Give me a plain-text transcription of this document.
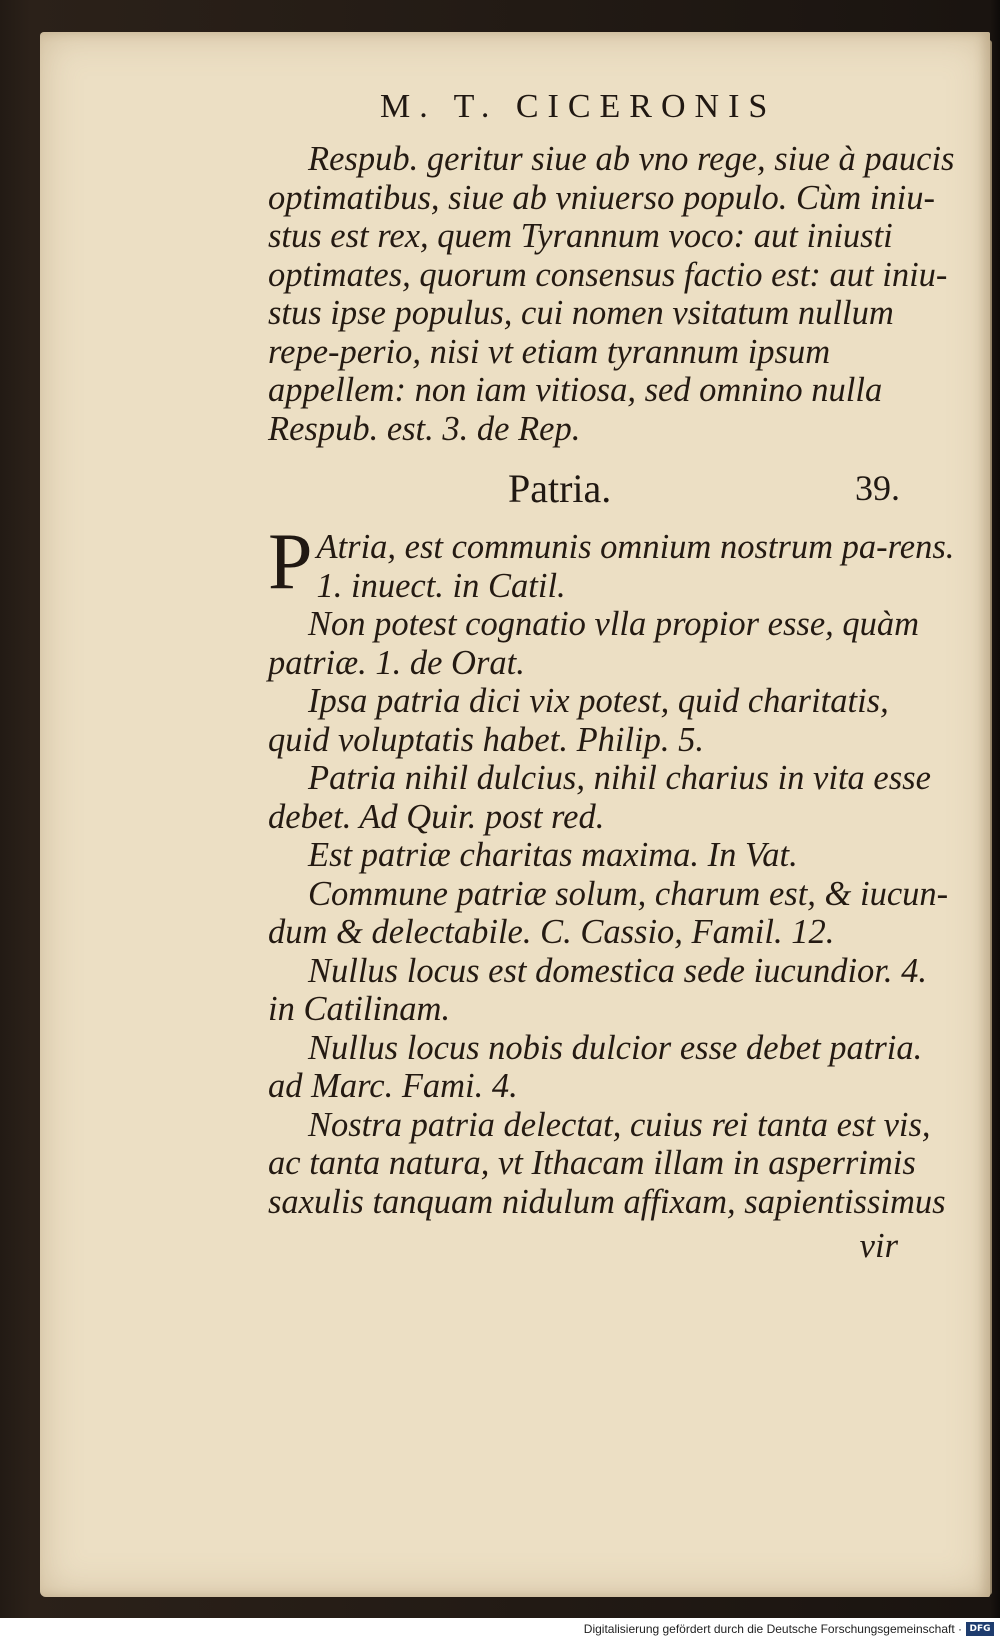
M. T. CICERONIS

Respub. geritur siue ab vno rege, siue à paucis optimatibus, siue ab vniuerso populo. Cùm iniu-stus est rex, quem Tyrannum voco: aut iniusti optimates, quorum consensus factio est: aut iniu-stus ipse populus, cui nomen vsitatum nullum repe-perio, nisi vt etiam tyrannum ipsum appellem: non iam vitiosa, sed omnino nulla Respub. est. 3. de Rep.

Patria.	39.

P Atria, est communis omnium nostrum pa-rens. 1. inuect. in Catil.

Non potest cognatio vlla propior esse, quàm patriæ. 1. de Orat.

Ipsa patria dici vix potest, quid charitatis, quid voluptatis habet. Philip. 5.

Patria nihil dulcius, nihil charius in vita esse debet. Ad Quir. post red.

Est patriæ charitas maxima. In Vat.

Commune patriæ solum, charum est, & iucun-dum & delectabile. C. Cassio, Famil. 12.

Nullus locus est domestica sede iucundior. 4. in Catilinam.

Nullus locus nobis dulcior esse debet patria. ad Marc. Fami. 4.

Nostra patria delectat, cuius rei tanta est vis, ac tanta natura, vt Ithacam illam in asperrimis saxulis tanquam nidulum affixam, sapientissimus

vir
Digitalisierung gefördert durch die Deutsche Forschungsgemeinschaft · DFG
